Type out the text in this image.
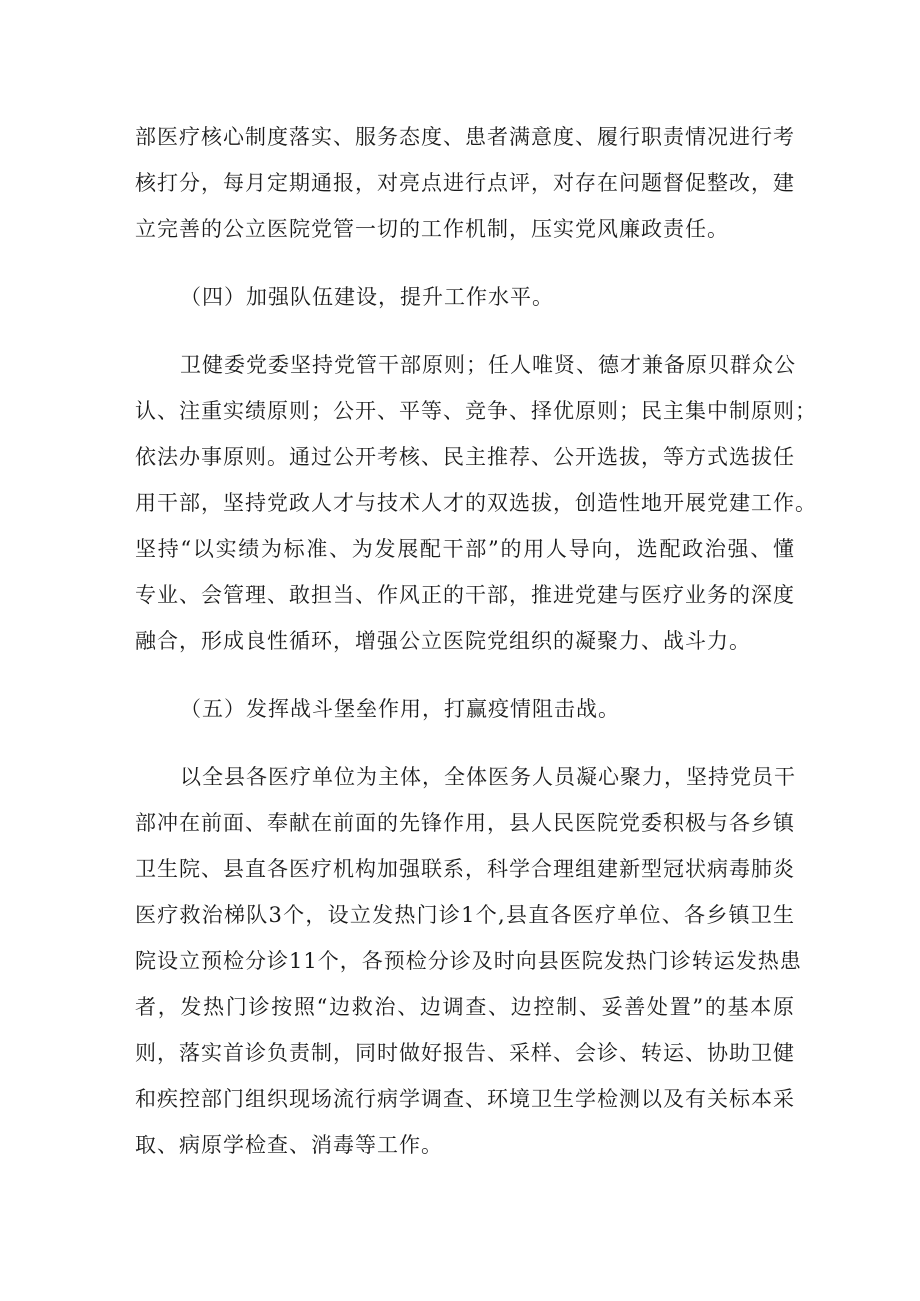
部医疗核心制度落实、服务态度、患者满意度、履行职责情况进行考
核打分，每月定期通报，对亮点进行点评，对存在问题督促整改，建
立完善的公立医院党管一切的工作机制，压实党风廉政责任。
（四）加强队伍建设，提升工作水平。
卫健委党委坚持党管干部原则；任人唯贤、德才兼备原贝群众公
认、注重实绩原则；公开、平等、竞争、择优原则；民主集中制原则；
依法办事原则。通过公开考核、民主推荐、公开选拔，等方式选拔任
用干部，坚持党政人才与技术人才的双选拔，创造性地开展党建工作。
坚持“以实绩为标准、为发展配干部”的用人导向，选配政治强、懂
专业、会管理、敢担当、作风正的干部，推进党建与医疗业务的深度
融合，形成良性循环，增强公立医院党组织的凝聚力、战斗力。
（五）发挥战斗堡垒作用，打赢疫情阻击战。
以全县各医疗单位为主体，全体医务人员凝心聚力，坚持党员干
部冲在前面、奉献在前面的先锋作用，县人民医院党委积极与各乡镇
卫生院、县直各医疗机构加强联系，科学合理组建新型冠状病毒肺炎
医疗救治梯队3个，设立发热门诊1个,县直各医疗单位、各乡镇卫生
院设立预检分诊11个，各预检分诊及时向县医院发热门诊转运发热患
者，发热门诊按照“边救治、边调查、边控制、妥善处置”的基本原
则，落实首诊负责制，同时做好报告、采样、会诊、转运、协助卫健
和疾控部门组织现场流行病学调查、环境卫生学检测以及有关标本采
取、病原学检查、消毒等工作。
